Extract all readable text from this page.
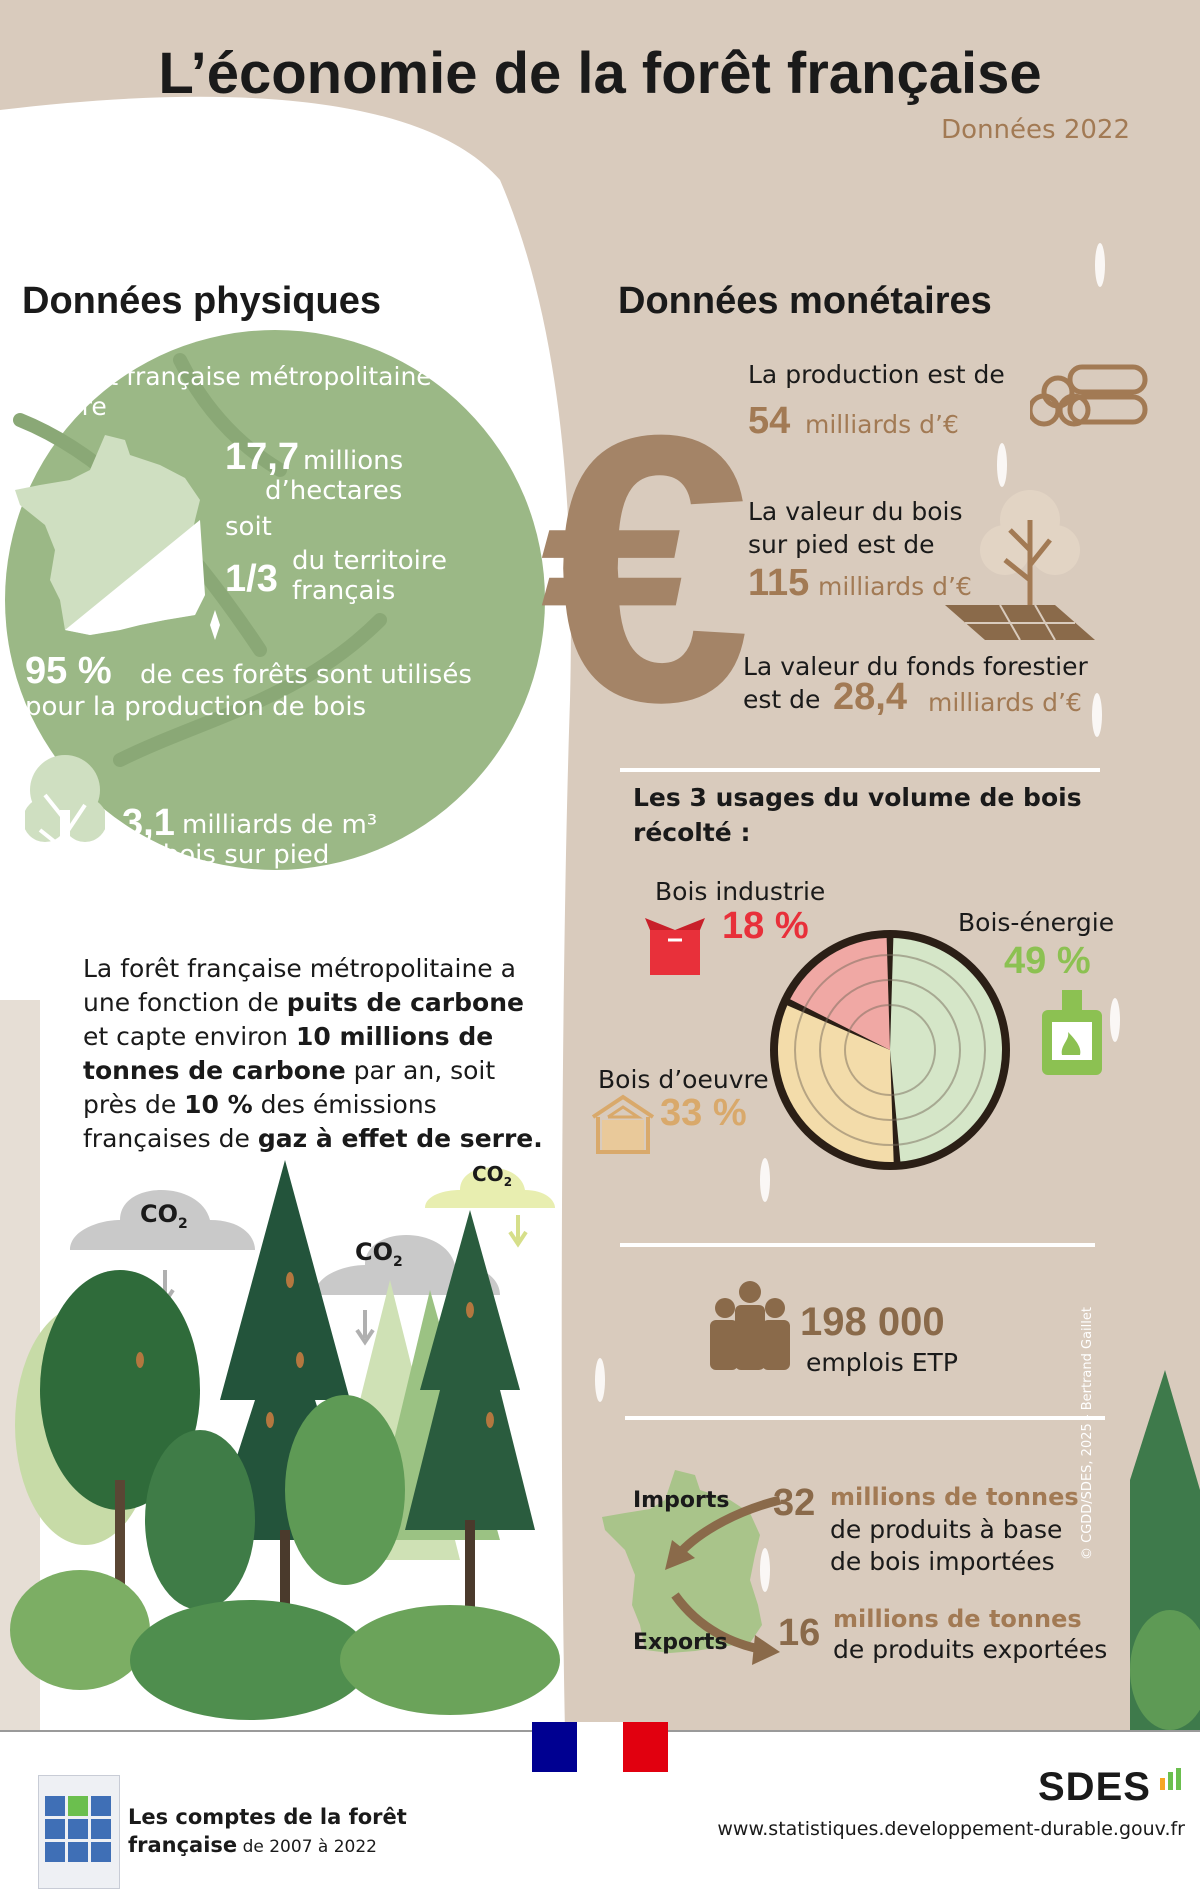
€
L’économie de la forêt française
Données 2022
Données physiques
La forêt française métropolitaine couvre
17,7 millions
d’hectares
soit
1/3 du territoire
français
95 % de ces forêts sont utilisés
pour la production de bois
3,1 milliards de m³
de bois sur pied
La forêt française métropolitaine a
une fonction de puits de carbone
et capte environ 10 millions de
tonnes de carbone par an, soit
près de 10 % des émissions
françaises de gaz à effet de serre.
$CO_2$
$CO_2$
$CO_2$
Données monétaires
La production est de
54 milliards d’€
La valeur du bois
sur pied est de
115 milliards d’€
La valeur du fonds forestier
est de 28,4 milliards d’€
Les 3 usages du volume de bois
récolté :
Bois industrie
18 %	Bois-énergie
49 %
Bois d’oeuvre
33 %
198 000
emplois ETP
Imports
Exports
32 millions de tonnes
de produits à base
de bois importées
16 millions de tonnes
de produits exportées
© CGDD/SDES, 2025 - Bertrand Gaillet
Les comptes de la forêt
française de 2007 à 2022
SDES
www.statistiques.developpement-durable.gouv.fr
